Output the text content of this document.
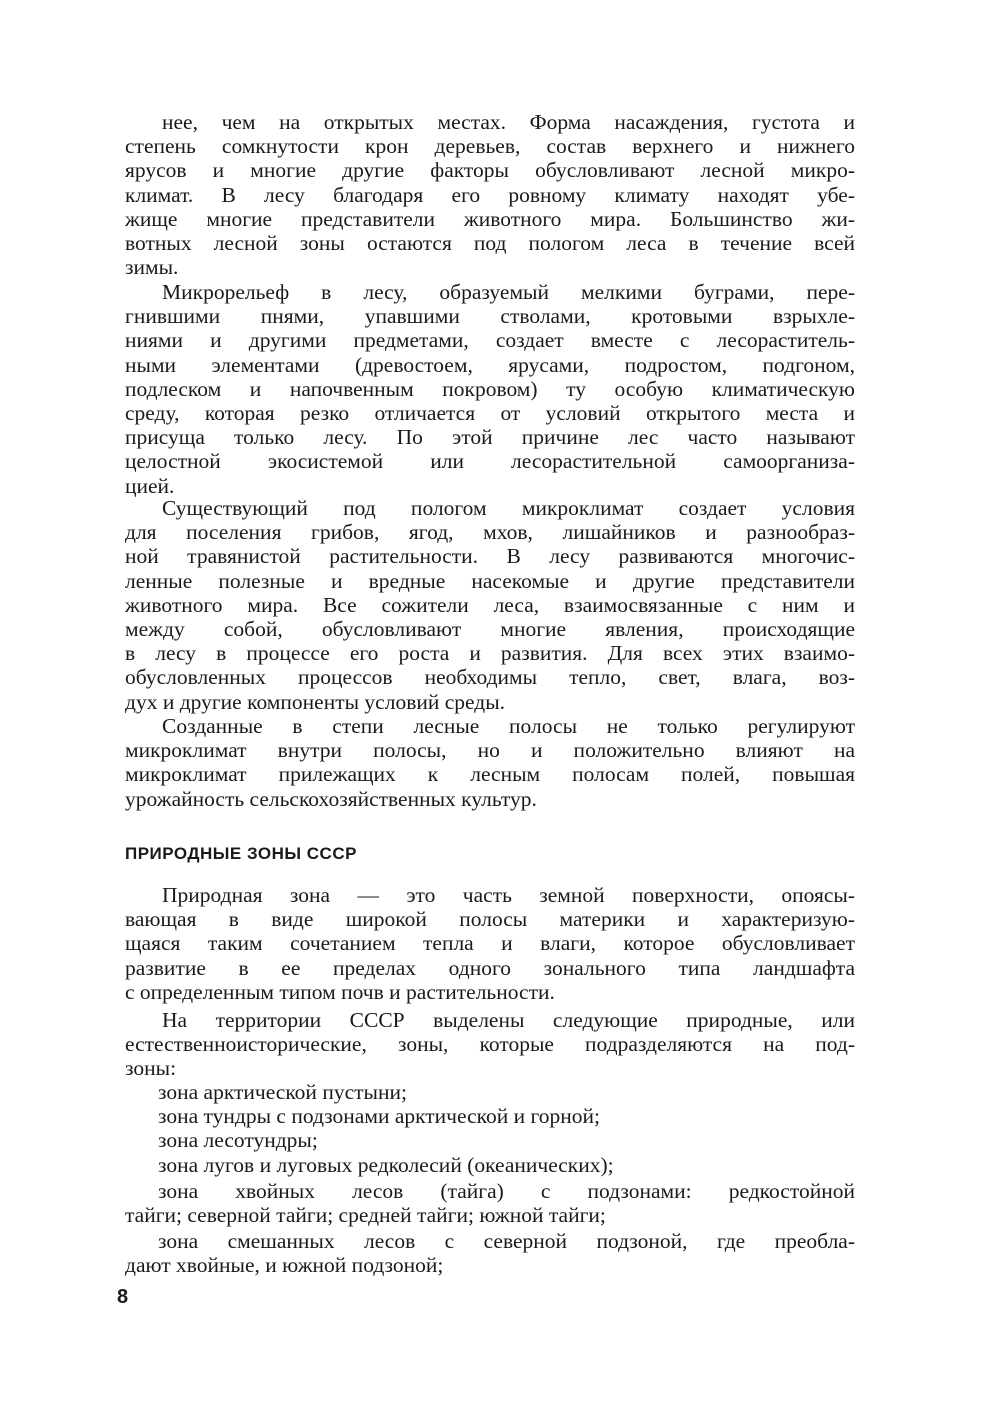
нее, чем на открытых местах. Форма насаждения, густота и
степень сомкнутости крон деревьев, состав верхнего и нижнего
ярусов и многие другие факторы обусловливают лесной микро-
климат. В лесу благодаря его ровному климату находят убе-
жище многие представители животного мира. Большинство жи-
вотных лесной зоны остаются под пологом леса в течение всей
зимы.
Микрорельеф в лесу, образуемый мелкими буграми, пере-
гнившими пнями, упавшими стволами, кротовыми взрыхле-
ниями и другими предметами, создает вместе с лесораститель-
ными элементами (древостоем, ярусами, подростом, подгоном,
подлеском и напочвенным покровом) ту особую климатическую
среду, которая резко отличается от условий открытого места и
присуща только лесу. По этой причине лес часто называют
целостной экосистемой или лесорастительной самоорганиза-
цией.
Существующий под пологом микроклимат создает условия
для поселения грибов, ягод, мхов, лишайников и разнообраз-
ной травянистой растительности. В лесу развиваются многочис-
ленные полезные и вредные насекомые и другие представители
животного мира. Все сожители леса, взаимосвязанные с ним и
между собой, обусловливают многие явления, происходящие
в лесу в процессе его роста и развития. Для всех этих взаимо-
обусловленных процессов необходимы тепло, свет, влага, воз-
дух и другие компоненты условий среды.
Созданные в степи лесные полосы не только регулируют
микроклимат внутри полосы, но и положительно влияют на
микроклимат прилежащих к лесным полосам полей, повышая
урожайность сельскохозяйственных культур.
ПРИРОДНЫЕ ЗОНЫ СССР
Природная зона — это часть земной поверхности, опоясы-
вающая в виде широкой полосы материки и характеризую-
щаяся таким сочетанием тепла и влаги, которое обусловливает
развитие в ее пределах одного зонального типа ландшафта
с определенным типом почв и растительности.
На территории СССР выделены следующие природные, или
естественноисторические, зоны, которые подразделяются на под-
зоны:
зона арктической пустыни;
зона тундры с подзонами арктической и горной;
зона лесотундры;
зона лугов и луговых редколесий (океанических);
зона хвойных лесов (тайга) с подзонами: редкостойной
тайги; северной тайги; средней тайги; южной тайги;
зона смешанных лесов с северной подзоной, где преобла-
дают хвойные, и южной подзоной;
8
